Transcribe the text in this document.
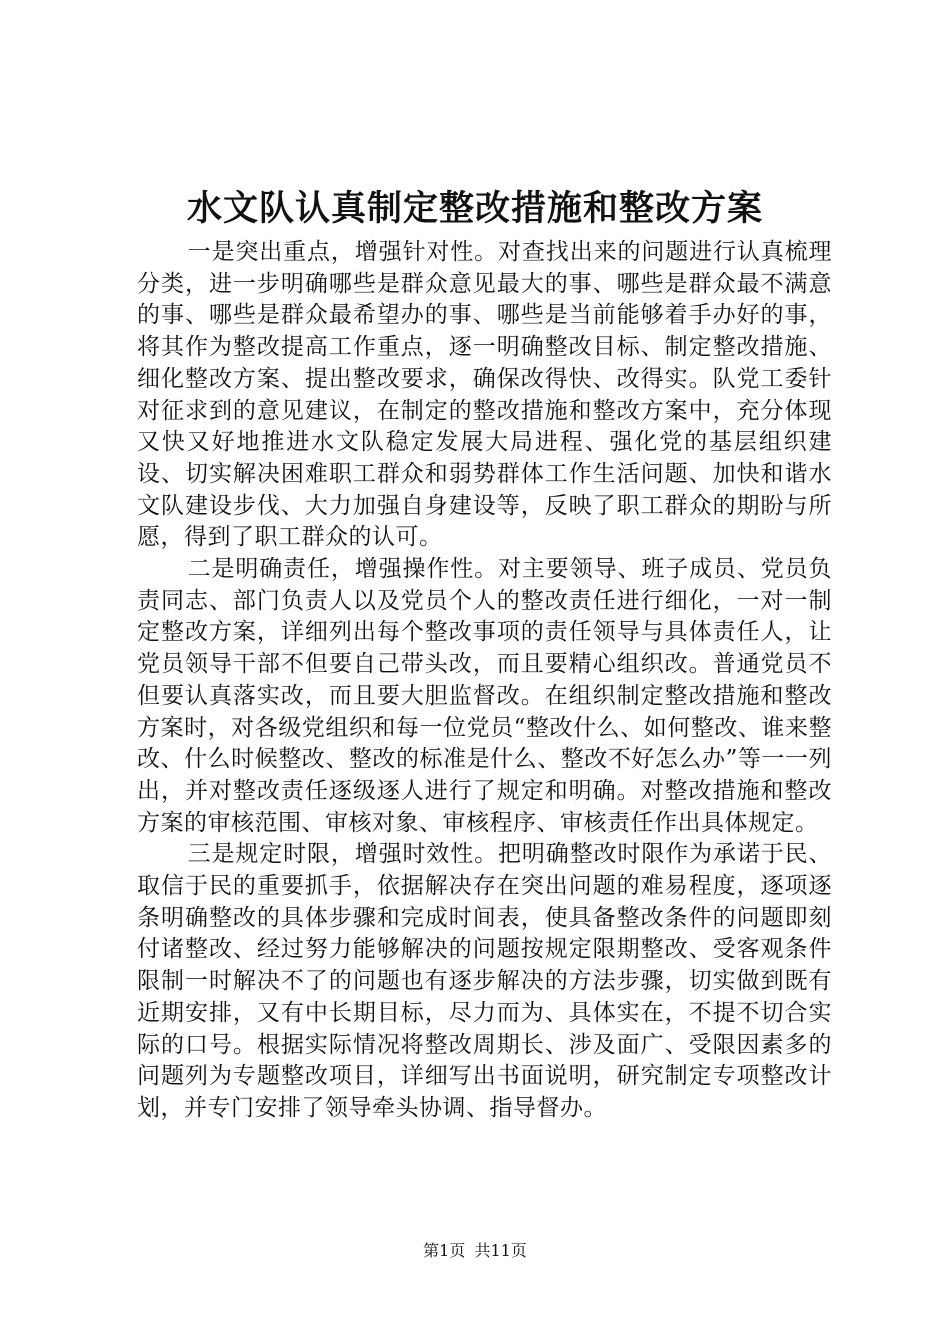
水文队认真制定整改措施和整改方案

一是突出重点，增强针对性。对查找出来的问题进行认真梳理分类，进一步明确哪些是群众意见最大的事、哪些是群众最不满意的事、哪些是群众最希望办的事、哪些是当前能够着手办好的事，将其作为整改提高工作重点，逐一明确整改目标、制定整改措施、细化整改方案、提出整改要求，确保改得快、改得实。队党工委针对征求到的意见建议，在制定的整改措施和整改方案中，充分体现又快又好地推进水文队稳定发展大局进程、强化党的基层组织建设、切实解决困难职工群众和弱势群体工作生活问题、加快和谐水文队建设步伐、大力加强自身建设等，反映了职工群众的期盼与所愿，得到了职工群众的认可。

二是明确责任，增强操作性。对主要领导、班子成员、党员负责同志、部门负责人以及党员个人的整改责任进行细化，一对一制定整改方案，详细列出每个整改事项的责任领导与具体责任人，让党员领导干部不但要自己带头改，而且要精心组织改。普通党员不但要认真落实改，而且要大胆监督改。在组织制定整改措施和整改方案时，对各级党组织和每一位党员“整改什么、如何整改、谁来整改、什么时候整改、整改的标准是什么、整改不好怎么办”等一一列出，并对整改责任逐级逐人进行了规定和明确。对整改措施和整改方案的审核范围、审核对象、审核程序、审核责任作出具体规定。

三是规定时限，增强时效性。把明确整改时限作为承诺于民、取信于民的重要抓手，依据解决存在突出问题的难易程度，逐项逐条明确整改的具体步骤和完成时间表，使具备整改条件的问题即刻付诸整改、经过努力能够解决的问题按规定限期整改、受客观条件限制一时解决不了的问题也有逐步解决的方法步骤，切实做到既有近期安排，又有中长期目标，尽力而为、具体实在，不提不切合实际的口号。根据实际情况将整改周期长、涉及面广、受限因素多的问题列为专题整改项目，详细写出书面说明，研究制定专项整改计划，并专门安排了领导牵头协调、指导督办。

第1页 共11页
